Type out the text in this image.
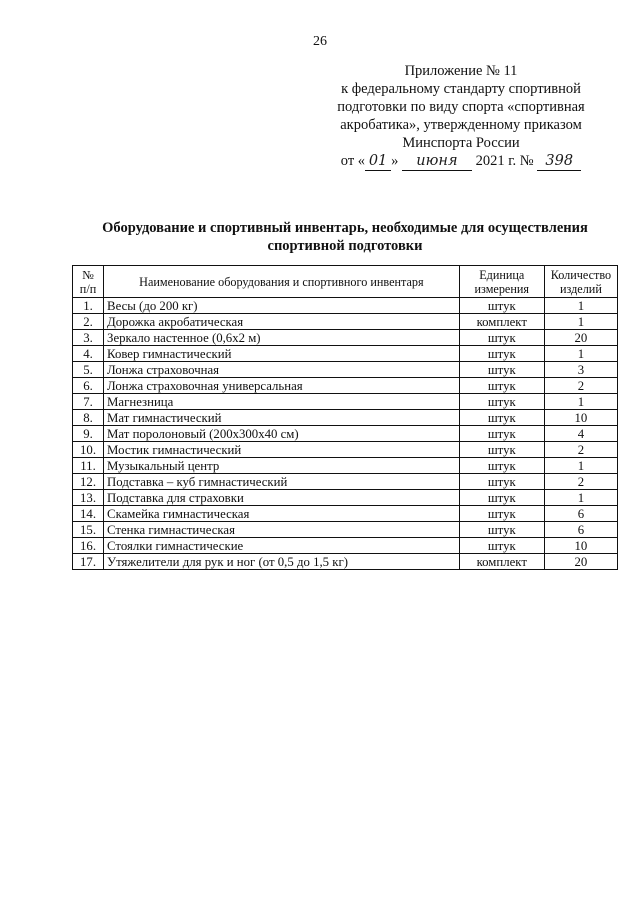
26
Приложение № 11
к федеральному стандарту спортивной
подготовки по виду спорта «спортивная
акробатика», утвержденному приказом
Минспорта России
от « 01 » июня 2021 г. № 398
Оборудование и спортивный инвентарь, необходимые для осуществления
спортивной подготовки
№ п/п	Наименование оборудования и спортивного инвентаря	Единица измерения	Количество изделий
1.	Весы (до 200 кг)	штук	1
2.	Дорожка акробатическая	комплект	1
3.	Зеркало настенное (0,6х2 м)	штук	20
4.	Ковер гимнастический	штук	1
5.	Лонжа страховочная	штук	3
6.	Лонжа страховочная универсальная	штук	2
7.	Магнезница	штук	1
8.	Мат гимнастический	штук	10
9.	Мат поролоновый (200х300х40 см)	штук	4
10.	Мостик гимнастический	штук	2
11.	Музыкальный центр	штук	1
12.	Подставка – куб гимнастический	штук	2
13.	Подставка для страховки	штук	1
14.	Скамейка гимнастическая	штук	6
15.	Стенка гимнастическая	штук	6
16.	Стоялки гимнастические	штук	10
17.	Утяжелители для рук и ног (от 0,5 до 1,5 кг)	комплект	20
